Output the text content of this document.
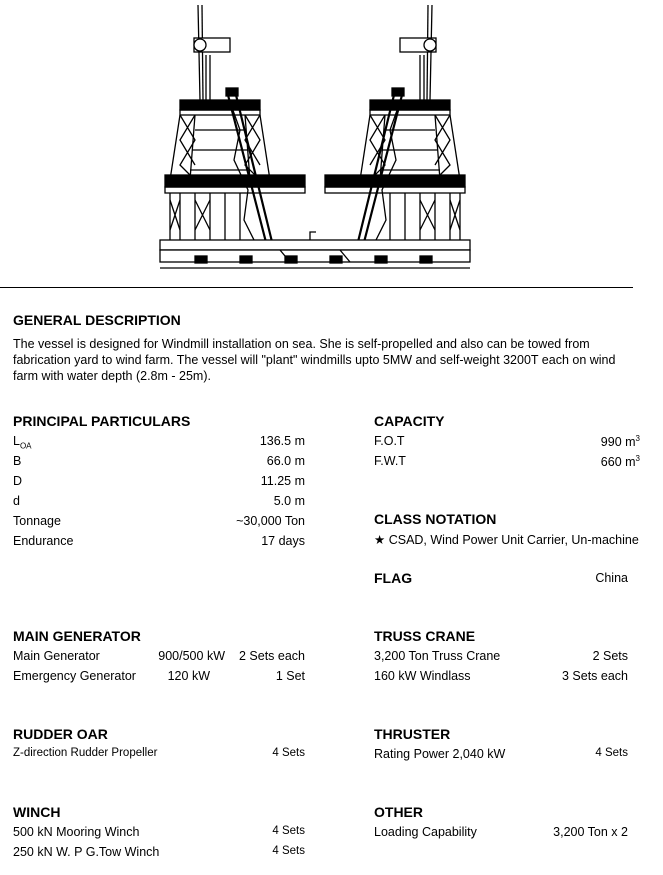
GENERAL DESCRIPTION
The vessel is designed for Windmill installation on sea. She is self-propelled and also can be towed from fabrication yard to wind farm. The vessel will "plant" windmills upto 5MW and self-weight 3200T each on wind farm with water depth (2.8m - 25m).
PRINCIPAL PARTICULARS
$L_{OA}$	136.5 m
B	66.0 m
D	11.25 m
d	5.0 m
Tonnage	~30,000 Ton
Endurance	17 days
CAPACITY
F.O.T	990 $m^3$
F.W.T	660 $m^3$
CLASS NOTATION
★ CSAD, Wind Power Unit Carrier, Un-machine
FLAG	China
MAIN GENERATOR
Main Generator	900/500 kW	2 Sets each
Emergency Generator	120 kW	1 Set
TRUSS CRANE
3,200 Ton Truss Crane	2 Sets
160 kW Windlass	3 Sets each
RUDDER OAR
Z-direction Rudder Propeller	4 Sets
THRUSTER
Rating Power 2,040 kW	4 Sets
WINCH
500 kN Mooring Winch	4 Sets
250 kN W. P G.Tow Winch	4 Sets
OTHER
Loading Capability	3,200 Ton x 2
